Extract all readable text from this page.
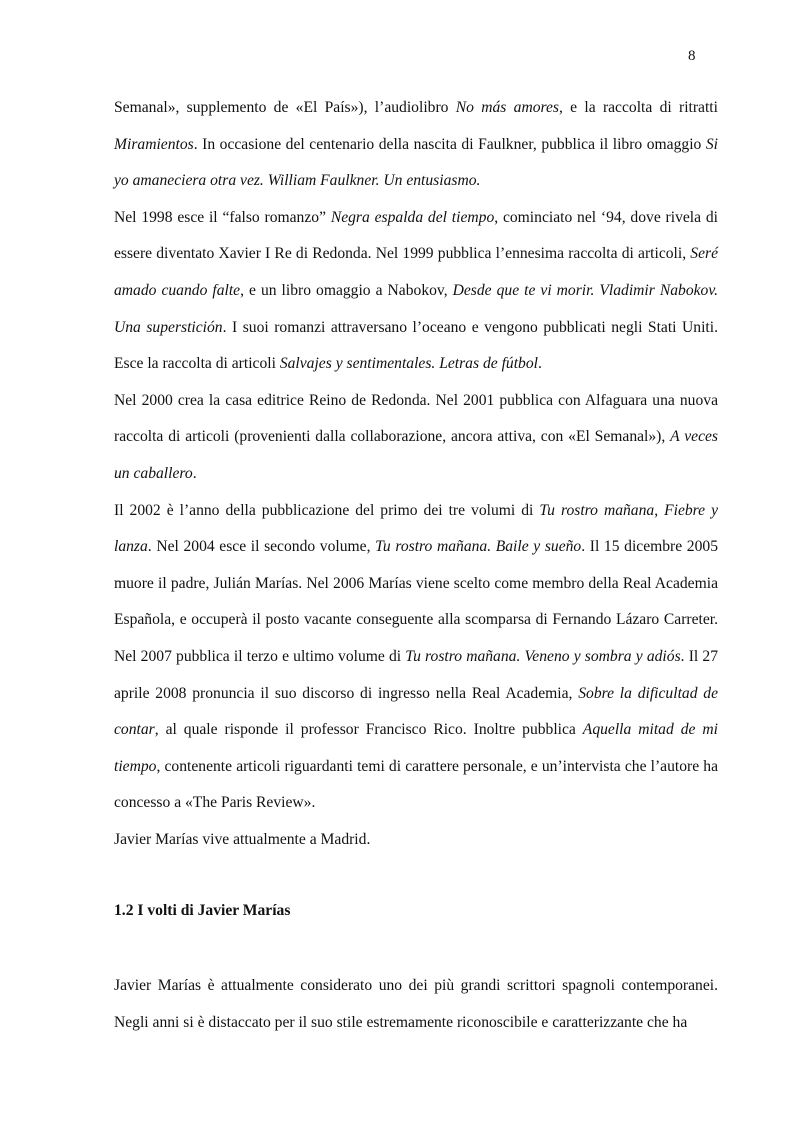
8

Semanal», supplemento de «El País»), l’audiolibro No más amores, e la raccolta di ritratti Miramientos. In occasione del centenario della nascita di Faulkner, pubblica il libro omaggio Si yo amaneciera otra vez. William Faulkner. Un entusiasmo.

Nel 1998 esce il “falso romanzo” Negra espalda del tiempo, cominciato nel ‘94, dove rivela di essere diventato Xavier I Re di Redonda. Nel 1999 pubblica l’ennesima raccolta di articoli, Seré amado cuando falte, e un libro omaggio a Nabokov, Desde que te vi morir. Vladimir Nabokov. Una superstición. I suoi romanzi attraversano l’oceano e vengono pubblicati negli Stati Uniti. Esce la raccolta di articoli Salvajes y sentimentales. Letras de fútbol.

Nel 2000 crea la casa editrice Reino de Redonda. Nel 2001 pubblica con Alfaguara una nuova raccolta di articoli (provenienti dalla collaborazione, ancora attiva, con «El Semanal»), A veces un caballero.

Il 2002 è l’anno della pubblicazione del primo dei tre volumi di Tu rostro mañana, Fiebre y lanza. Nel 2004 esce il secondo volume, Tu rostro mañana. Baile y sueño. Il 15 dicembre 2005 muore il padre, Julián Marías. Nel 2006 Marías viene scelto come membro della Real Academia Española, e occuperà il posto vacante conseguente alla scomparsa di Fernando Lázaro Carreter. Nel 2007 pubblica il terzo e ultimo volume di Tu rostro mañana. Veneno y sombra y adiós. Il 27 aprile 2008 pronuncia il suo discorso di ingresso nella Real Academia, Sobre la dificultad de contar, al quale risponde il professor Francisco Rico. Inoltre pubblica Aquella mitad de mi tiempo, contenente articoli riguardanti temi di carattere personale, e un’intervista che l’autore ha concesso a «The Paris Review».

Javier Marías vive attualmente a Madrid.

1.2 I volti di Javier Marías

Javier Marías è attualmente considerato uno dei più grandi scrittori spagnoli contemporanei. Negli anni si è distaccato per il suo stile estremamente riconoscibile e caratterizzante che ha
